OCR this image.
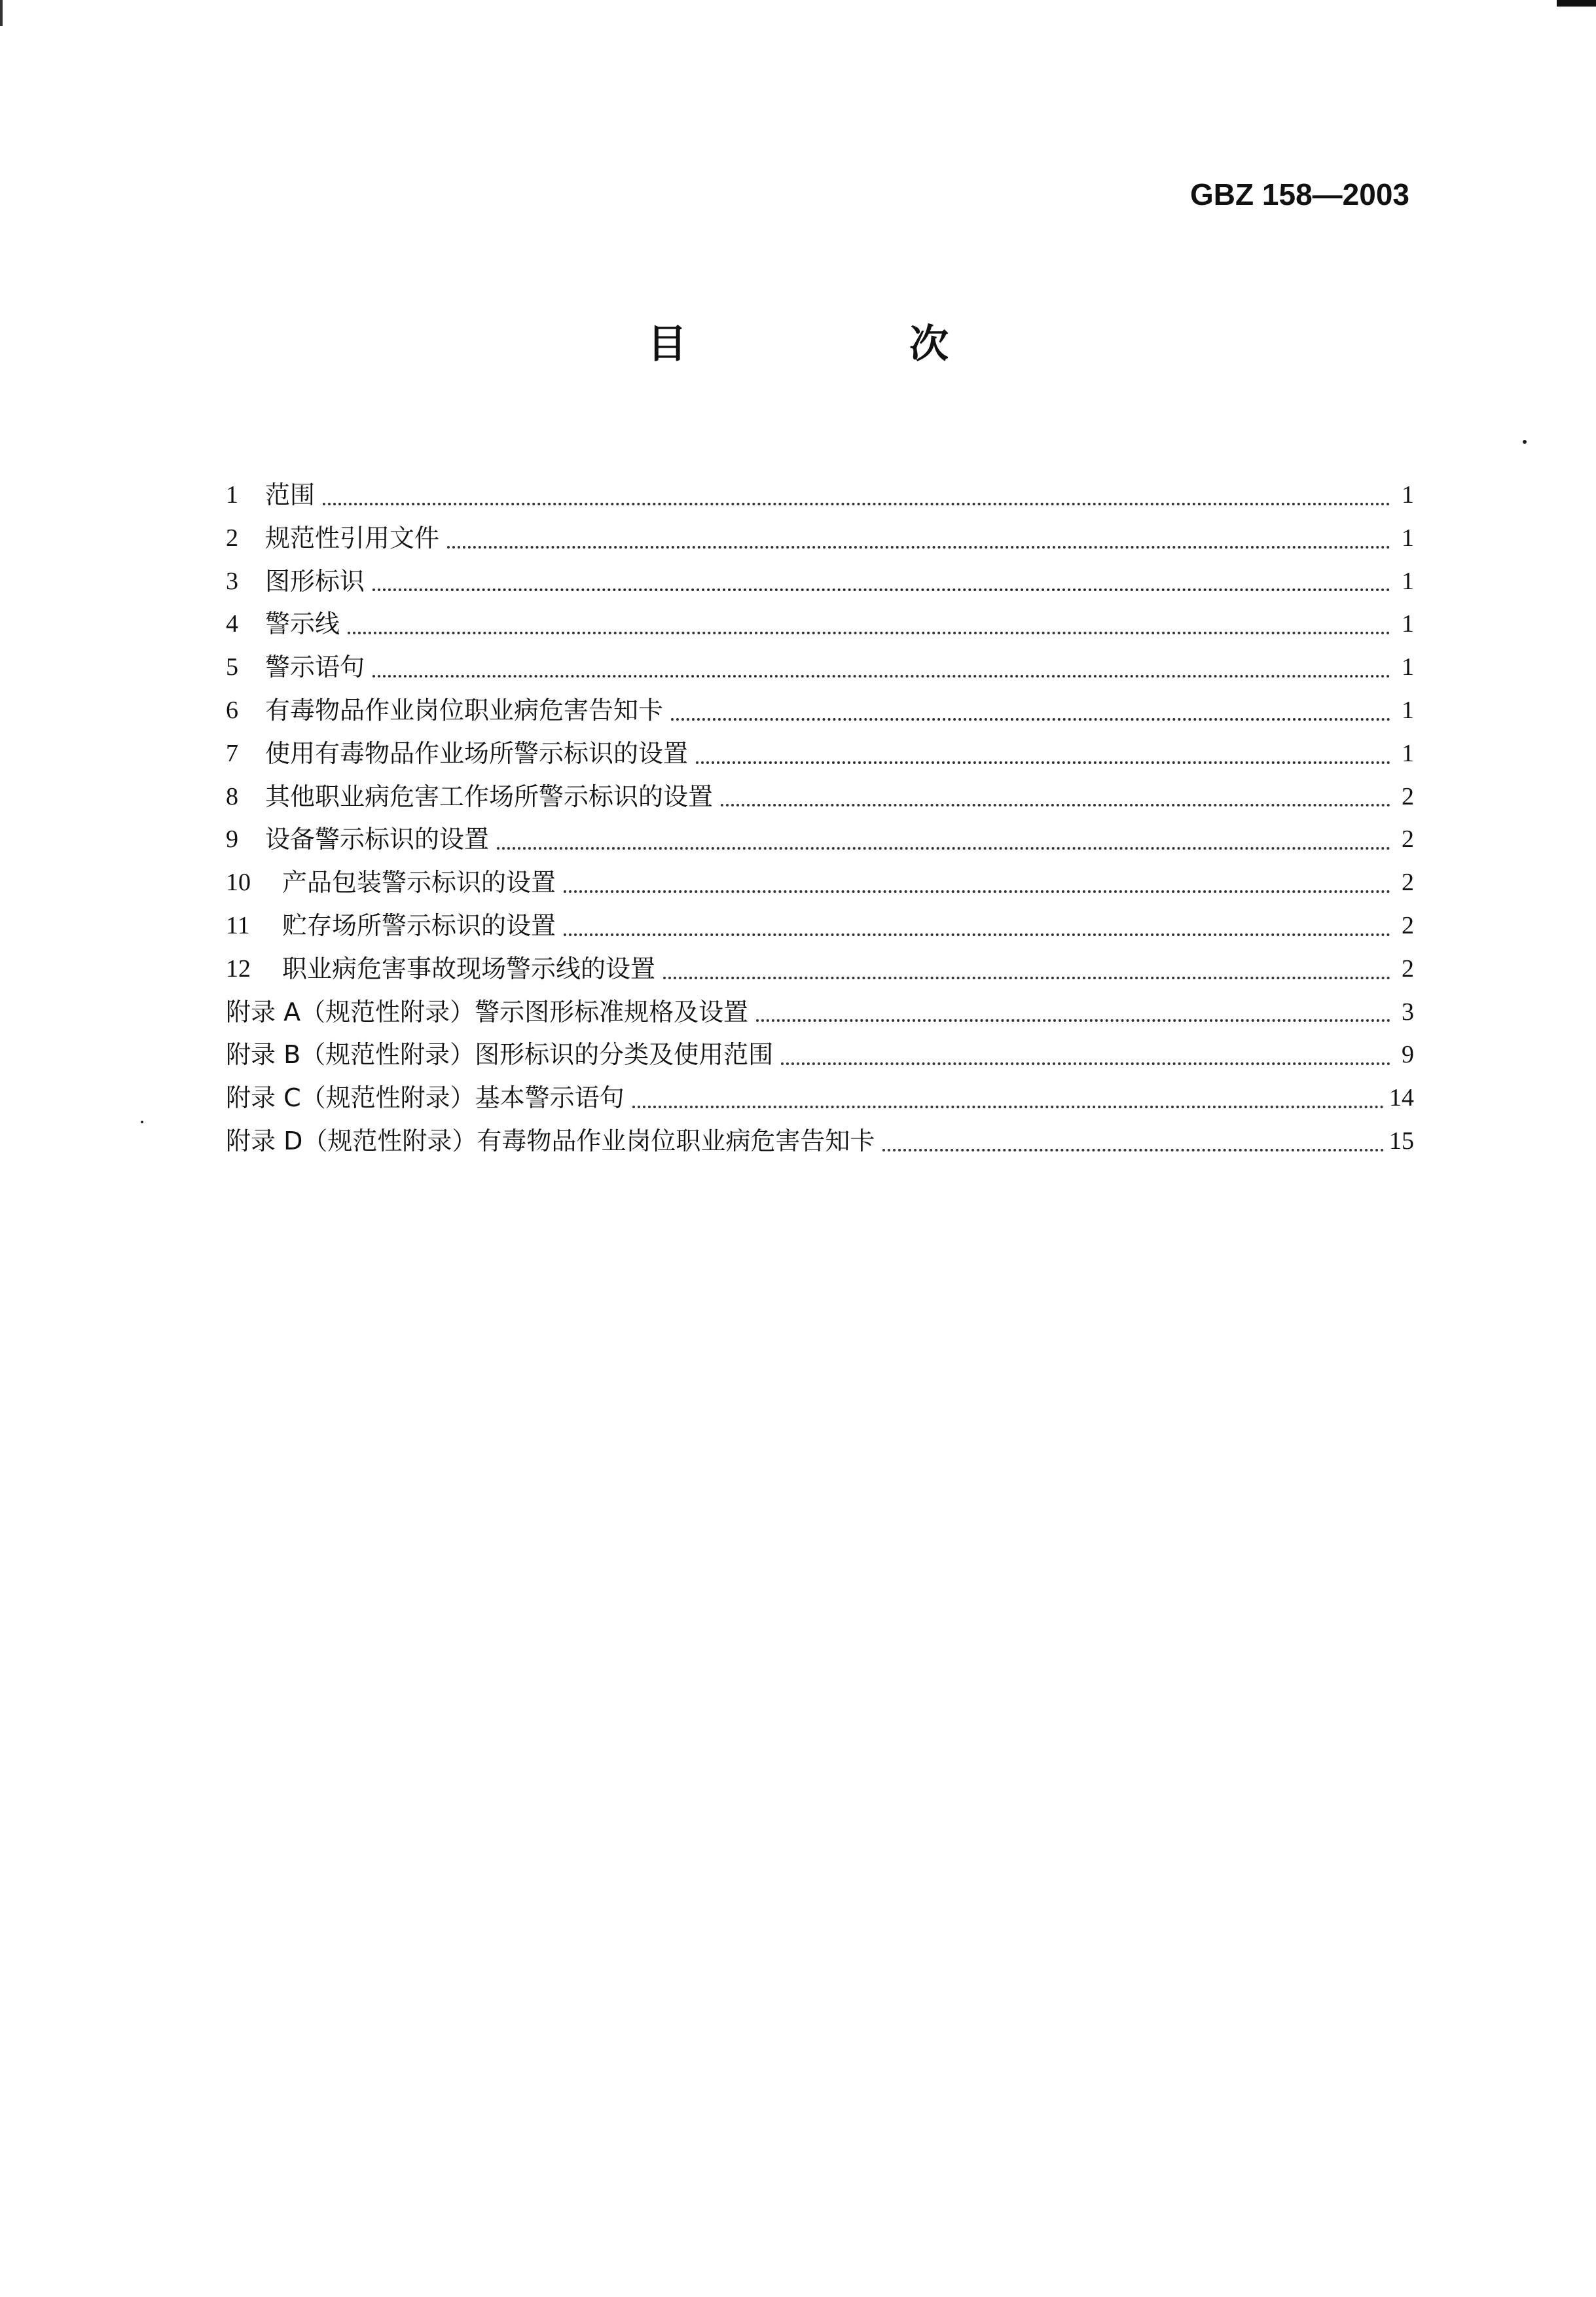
GBZ 158—2003
目　次
1	范围	1
2	规范性引用文件	1
3	图形标识	1
4	警示线	1
5	警示语句	1
6	有毒物品作业岗位职业病危害告知卡	1
7	使用有毒物品作业场所警示标识的设置	1
8	其他职业病危害工作场所警示标识的设置	2
9	设备警示标识的设置	2
10	产品包装警示标识的设置	2
11	贮存场所警示标识的设置	2
12	职业病危害事故现场警示线的设置	2
附录 A（规范性附录）警示图形标准规格及设置	3
附录 B（规范性附录）图形标识的分类及使用范围	9
附录 C（规范性附录）基本警示语句	14
附录 D（规范性附录）有毒物品作业岗位职业病危害告知卡	15
